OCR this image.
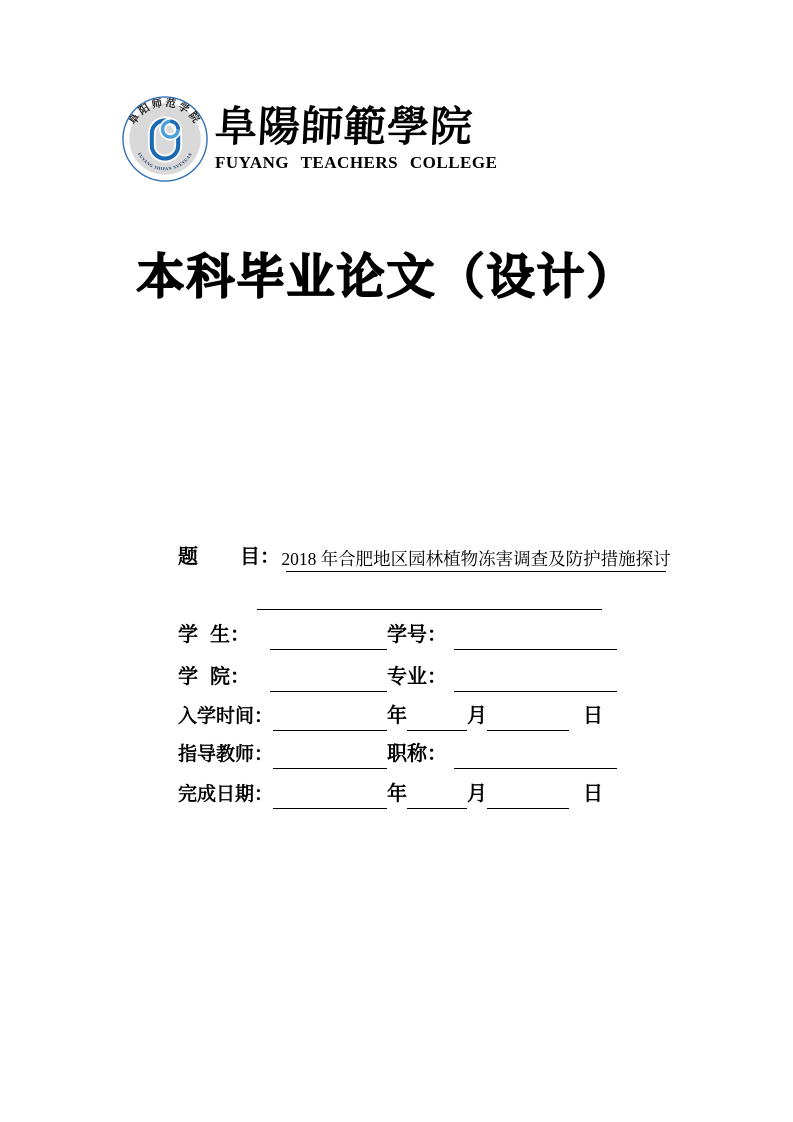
阜阳师范学院
FUYANG SHIFAN XUEYUAN
阜陽師範學院
FUYANG TEACHERS COLLEGE
本科毕业论文（设计）
题 目： 2018 年合肥地区园林植物冻害调查及防护措施探讨
学 生：	学号：
学 院：	专业：
入学时间：	年	月	日
指导教师：	职称：
完成日期：	年	月	日
